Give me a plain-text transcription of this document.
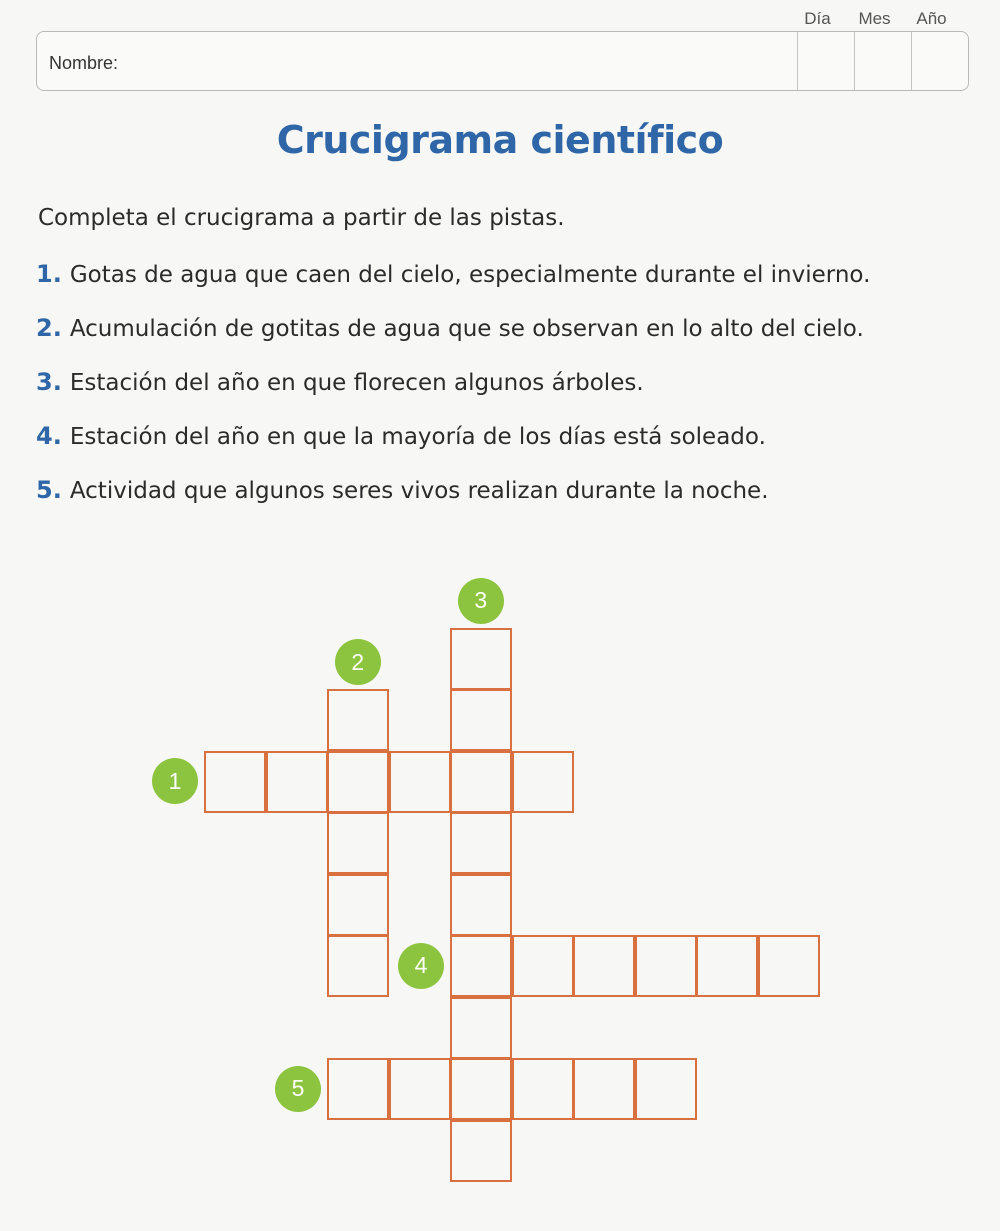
Día	Mes	Año
Nombre:
Crucigrama científico
Completa el crucigrama a partir de las pistas.
1. Gotas de agua que caen del cielo, especialmente durante el invierno.
2. Acumulación de gotitas de agua que se observan en lo alto del cielo.
3. Estación del año en que florecen algunos árboles.
4. Estación del año en que la mayoría de los días está soleado.
5. Actividad que algunos seres vivos realizan durante la noche.
1
2
3
4
5
